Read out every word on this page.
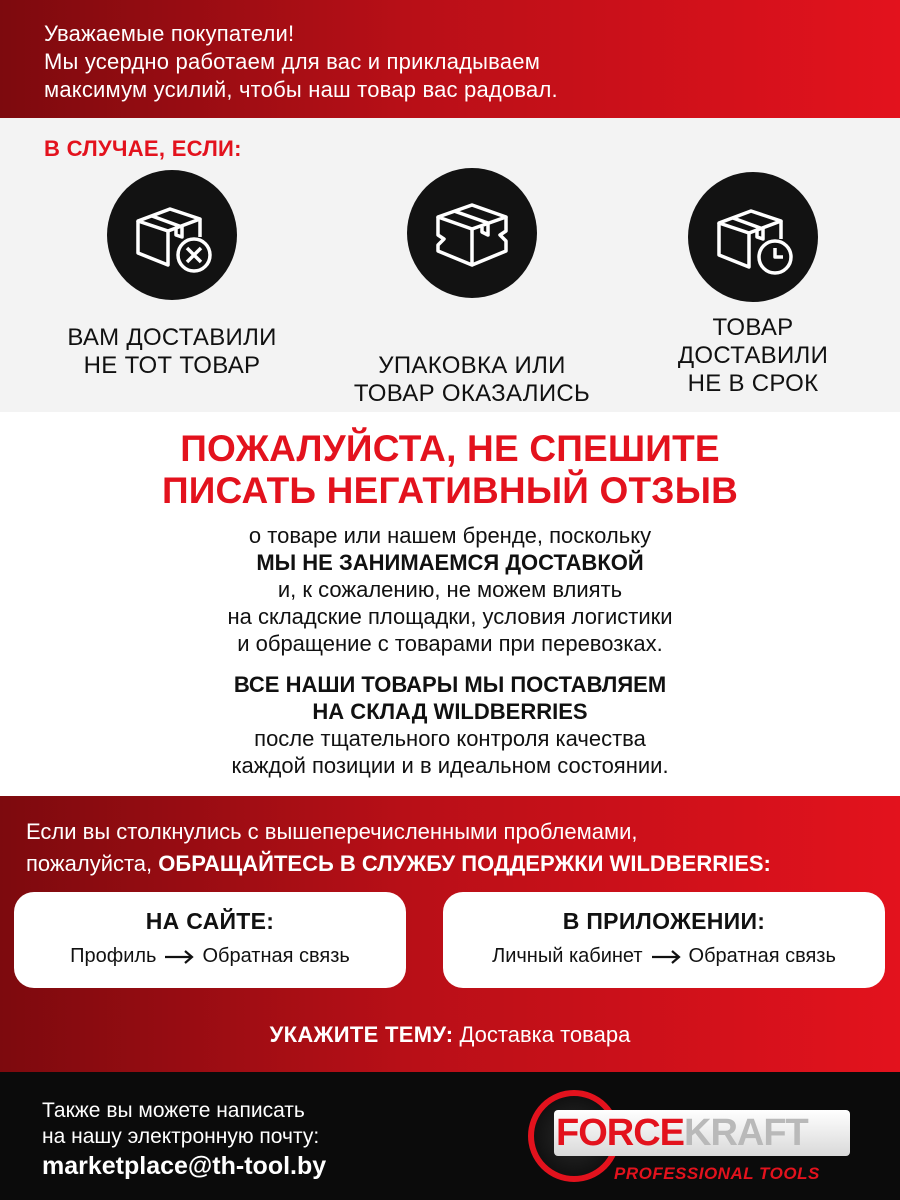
Уважаемые покупатели!
Мы усердно работаем для вас и прикладываем
максимум усилий, чтобы наш товар вас радовал.
В СЛУЧАЕ, ЕСЛИ:
ВАМ ДОСТАВИЛИ
НЕ ТОТ ТОВАР	УПАКОВКА ИЛИ
ТОВАР ОКАЗАЛИСЬ
ТОВАР
ДОСТАВИЛИ
НЕ В СРОК
ПОЖАЛУЙСТА, НЕ СПЕШИТЕ
ПИСАТЬ НЕГАТИВНЫЙ ОТЗЫВ
о товаре или нашем бренде, поскольку
МЫ НЕ ЗАНИМАЕМСЯ ДОСТАВКОЙ
и, к сожалению, не можем влиять
на складские площадки, условия логистики
и обращение с товарами при перевозках.
ВСЕ НАШИ ТОВАРЫ МЫ ПОСТАВЛЯЕМ
НА СКЛАД WILDBERRIES
после тщательного контроля качества
каждой позиции и в идеальном состоянии.
Если вы столкнулись с вышеперечисленными проблемами,
пожалуйста, ОБРАЩАЙТЕСЬ В СЛУЖБУ ПОДДЕРЖКИ WILDBERRIES:
НА САЙТЕ:
Профиль Обратная связь
В ПРИЛОЖЕНИИ:
Личный кабинет Обратная связь
УКАЖИТЕ ТЕМУ: Доставка товара
Также вы можете написать
на нашу электронную почту:
marketplace@th-tool.by
FORCE KRAFT
PROFESSIONAL TOOLS
